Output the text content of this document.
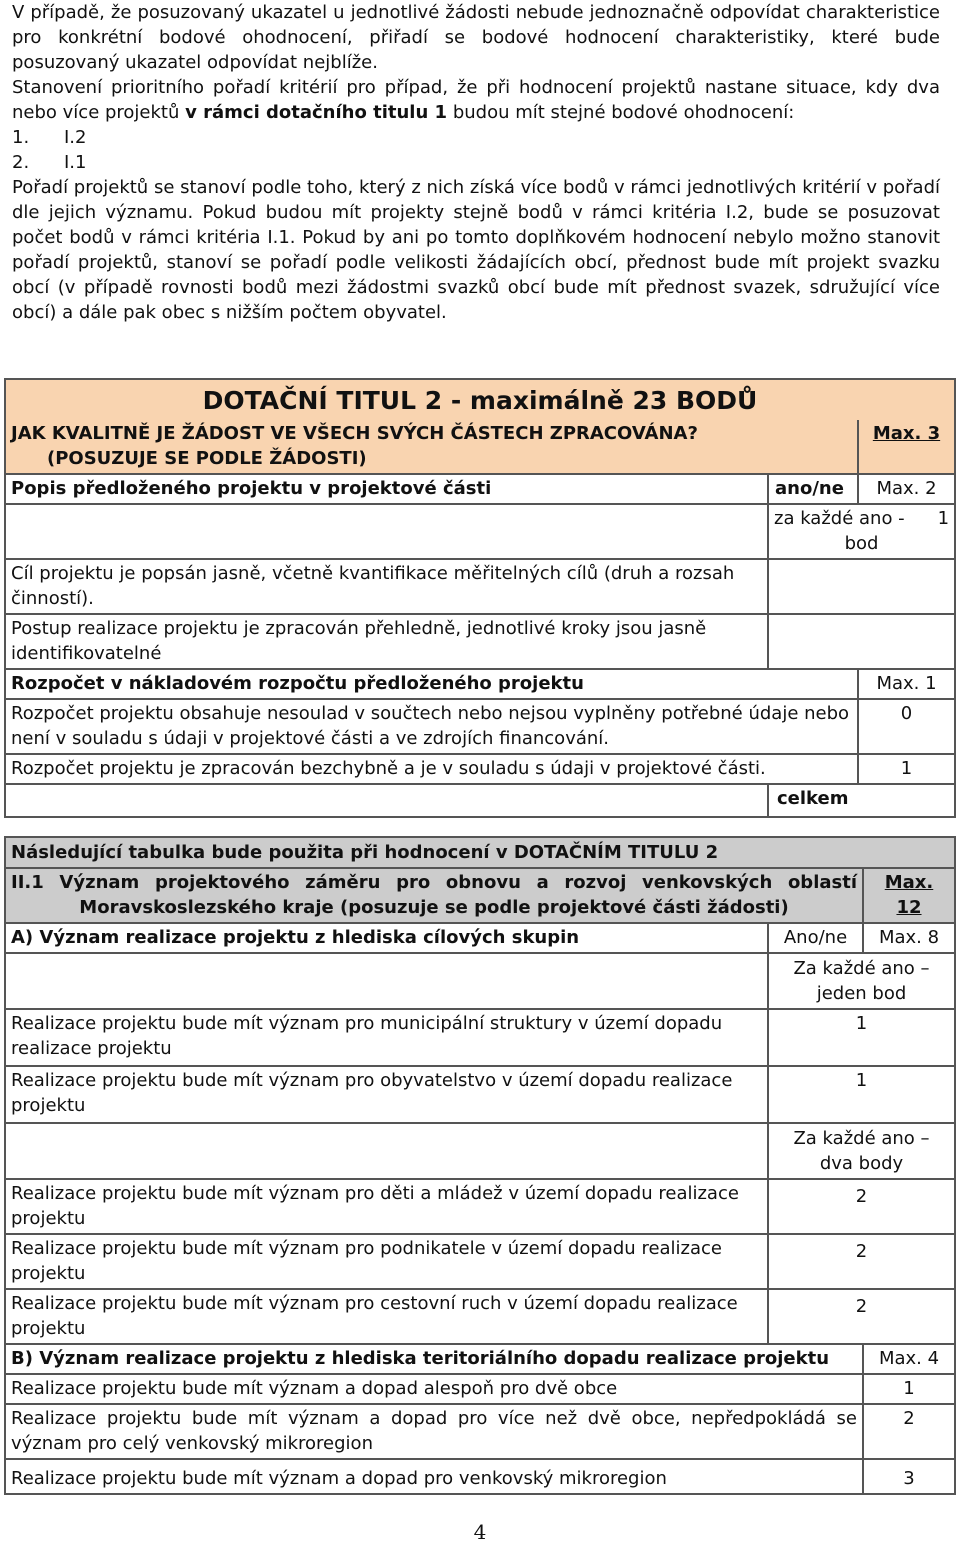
V případě, že posuzovaný ukazatel u jednotlivé žádosti nebude jednoznačně odpovídat charakteristice pro konkrétní bodové ohodnocení, přiřadí se bodové hodnocení charakteristiky, které bude posuzovaný ukazatel odpovídat nejblíže.

Stanovení prioritního pořadí kritérií pro případ, že při hodnocení projektů nastane situace, kdy dva nebo více projektů v rámci dotačního titulu 1 budou mít stejné bodové ohodnocení:

1.	I.2
2.	I.1

Pořadí projektů se stanoví podle toho, který z nich získá více bodů v rámci jednotlivých kritérií v pořadí dle jejich významu. Pokud budou mít projekty stejně bodů v rámci kritéria I.2, bude se posuzovat počet bodů v rámci kritéria I.1. Pokud by ani po tomto doplňkovém hodnocení nebylo možno stanovit pořadí projektů, stanoví se pořadí podle velikosti žádajících obcí, přednost bude mít projekt svazku obcí (v případě rovnosti bodů mezi žádostmi svazků obcí bude mít přednost svazek, sdružující více obcí) a dále pak obec s nižším počtem obyvatel.

DOTAČNÍ TITUL 2 - maximálně 23 BODŮ		

JAK KVALITNĚ JE ŽÁDOST VE VŠECH SVÝCH ČÁSTECH ZPRACOVÁNA?
(POSUZUJE SE PODLE ŽÁDOSTI)		Max. 3
Popis předloženého projektu v projektové části	ano/ne	Max. 2

	za každé ano - 1
bod	

Cíl projektu je popsán jasně, včetně kvantifikace měřitelných cílů (druh a rozsah činností).		
Postup realizace projektu je zpracován přehledně, jednotlivé kroky jsou jasně identifikovatelné		
Rozpočet v nákladovém rozpočtu předloženého projektu		Max. 1
Rozpočet projektu obsahuje nesoulad v součtech nebo nejsou vyplněny potřebné údaje nebo není v souladu s údaji v projektové části a ve zdrojích financování.		0
Rozpočet projektu je zpracován bezchybně a je v souladu s údaji v projektové části.		1
	celkem	
Následující tabulka bude použita při hodnocení v DOTAČNÍM TITULU 2		
II.1 Význam projektového záměru pro obnovu a rozvoj venkovských oblastí Moravskoslezského kraje (posuzuje se podle projektové části žádosti)		Max.
12

A) Význam realizace projektu z hlediska cílových skupin	Ano/ne	Max. 8
	Za každé ano – jeden bod	
Realizace projektu bude mít význam pro municipální struktury v území dopadu realizace projektu	1	
Realizace projektu bude mít význam pro obyvatelstvo v území dopadu realizace projektu	1	
	Za každé ano – dva body	
Realizace projektu bude mít význam pro děti a mládež v území dopadu realizace projektu	2	
Realizace projektu bude mít význam pro podnikatele v území dopadu realizace projektu	2	
Realizace projektu bude mít význam pro cestovní ruch v území dopadu realizace projektu	2	
B) Význam realizace projektu z hlediska teritoriálního dopadu realizace projektu		Max. 4
Realizace projektu bude mít význam a dopad alespoň pro dvě obce		1
Realizace projektu bude mít význam a dopad pro více než dvě obce, nepředpokládá se význam pro celý venkovský mikroregion		2
Realizace projektu bude mít význam a dopad pro venkovský mikroregion		3
4
